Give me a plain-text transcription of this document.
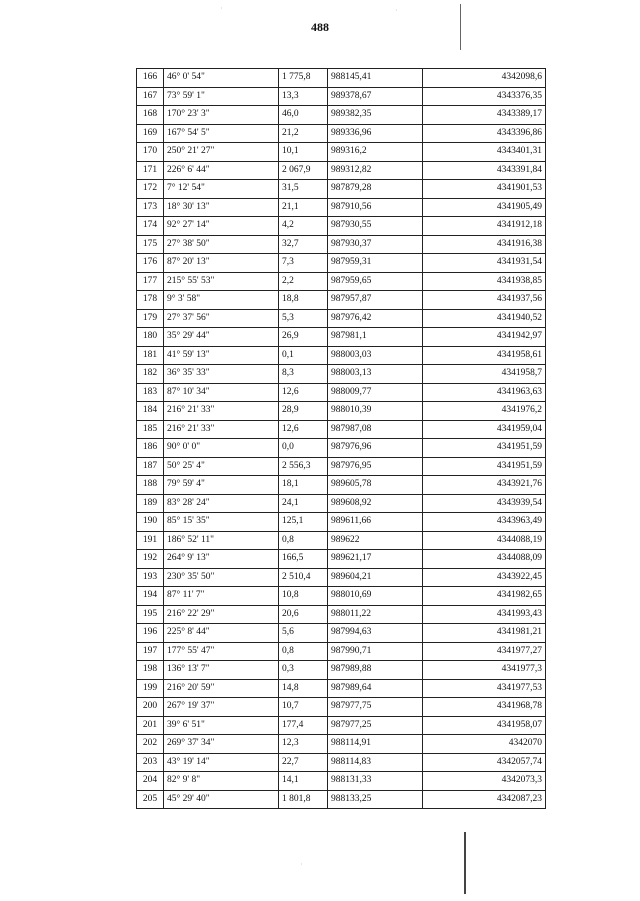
·	·
·
488
166	46° 0' 54"	1 775,8	988145,41	4342098,6
167	73° 59' 1"	13,3	989378,67	4343376,35
168	170° 23' 3"	46,0	989382,35	4343389,17
169	167° 54' 5"	21,2	989336,96	4343396,86
170	250° 21' 27"	10,1	989316,2	4343401,31
171	226° 6' 44"	2 067,9	989312,82	4343391,84
172	7° 12' 54"	31,5	987879,28	4341901,53
173	18° 30' 13"	21,1	987910,56	4341905,49
174	92° 27' 14"	4,2	987930,55	4341912,18
175	27° 38' 50"	32,7	987930,37	4341916,38
176	87° 20' 13"	7,3	987959,31	4341931,54
177	215° 55' 53"	2,2	987959,65	4341938,85
178	9° 3' 58"	18,8	987957,87	4341937,56
179	27° 37' 56"	5,3	987976,42	4341940,52
180	35° 29' 44"	26,9	987981,1	4341942,97
181	41° 59' 13"	0,1	988003,03	4341958,61
182	36° 35' 33"	8,3	988003,13	4341958,7
183	87° 10' 34"	12,6	988009,77	4341963,63
184	216° 21' 33"	28,9	988010,39	4341976,2
185	216° 21' 33"	12,6	987987,08	4341959,04
186	90° 0' 0"	0,0	987976,96	4341951,59
187	50° 25' 4"	2 556,3	987976,95	4341951,59
188	79° 59' 4"	18,1	989605,78	4343921,76
189	83° 28' 24"	24,1	989608,92	4343939,54
190	85° 15' 35"	125,1	989611,66	4343963,49
191	186° 52' 11"	0,8	989622	4344088,19
192	264° 9' 13"	166,5	989621,17	4344088,09
193	230° 35' 50"	2 510,4	989604,21	4343922,45
194	87° 11' 7"	10,8	988010,69	4341982,65
195	216° 22' 29"	20,6	988011,22	4341993,43
196	225° 8' 44"	5,6	987994,63	4341981,21
197	177° 55' 47"	0,8	987990,71	4341977,27
198	136° 13' 7"	0,3	987989,88	4341977,3
199	216° 20' 59"	14,8	987989,64	4341977,53
200	267° 19' 37"	10,7	987977,75	4341968,78
201	39° 6' 51"	177,4	987977,25	4341958,07
202	269° 37' 34"	12,3	988114,91	4342070
203	43° 19' 14"	22,7	988114,83	4342057,74
204	82° 9' 8"	14,1	988131,33	4342073,3
205	45° 29' 40"	1 801,8	988133,25	4342087,23
